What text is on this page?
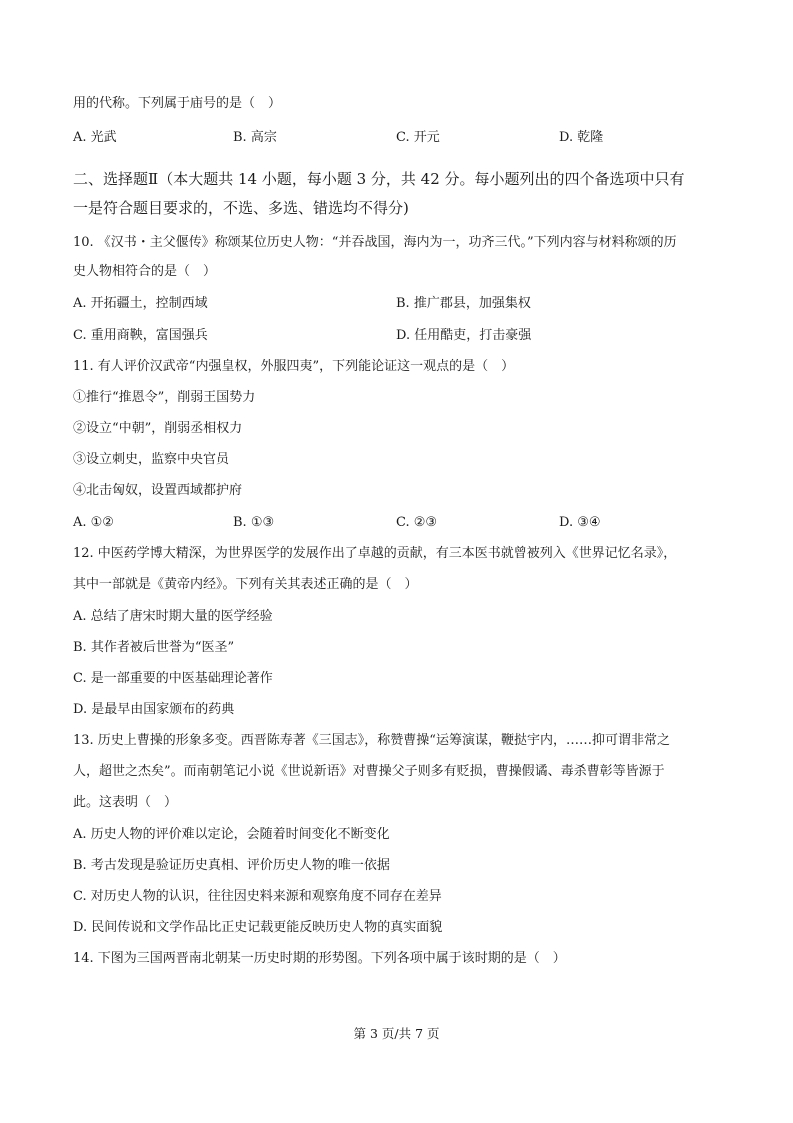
用的代称。下列属于庙号的是（　）
A. 光武	B. 高宗	C. 开元	D. 乾隆
二、选择题Ⅱ（本大题共 14 小题，每小题 3 分，共 42 分。每小题列出的四个备选项中只有
一是符合题目要求的，不选、多选、错选均不得分)
10. 《汉书・主父偃传》称颂某位历史人物：“并吞战国，海内为一，功齐三代。”下列内容与材料称颂的历
史人物相符合的是（　）
A. 开拓疆土，控制西域	B. 推广郡县，加强集权
C. 重用商鞅，富国强兵	D. 任用酷吏，打击豪强
11. 有人评价汉武帝“内强皇权，外服四夷”，下列能论证这一观点的是（　）
①推行“推恩令”，削弱王国势力
②设立“中朝”，削弱丞相权力
③设立刺史，监察中央官员
④北击匈奴，设置西域都护府
A. ①②	B. ①③	C. ②③	D. ③④
12. 中医药学博大精深，为世界医学的发展作出了卓越的贡献，有三本医书就曾被列入《世界记忆名录》，
其中一部就是《黄帝内经》。下列有关其表述正确的是（　）
A. 总结了唐宋时期大量的医学经验
B. 其作者被后世誉为“医圣”
C. 是一部重要的中医基础理论著作
D. 是最早由国家颁布的药典
13. 历史上曹操的形象多变。西晋陈寿著《三国志》，称赞曹操“运筹演谋，鞭挞宇内，……抑可谓非常之
人，超世之杰矣”。而南朝笔记小说《世说新语》对曹操父子则多有贬损，曹操假谲、毒杀曹彰等皆源于
此。这表明（　）
A. 历史人物的评价难以定论，会随着时间变化不断变化
B. 考古发现是验证历史真相、评价历史人物的唯一依据
C. 对历史人物的认识，往往因史料来源和观察角度不同存在差异
D. 民间传说和文学作品比正史记载更能反映历史人物的真实面貌
14. 下图为三国两晋南北朝某一历史时期的形势图。下列各项中属于该时期的是（　）
第 3 页/共 7 页
